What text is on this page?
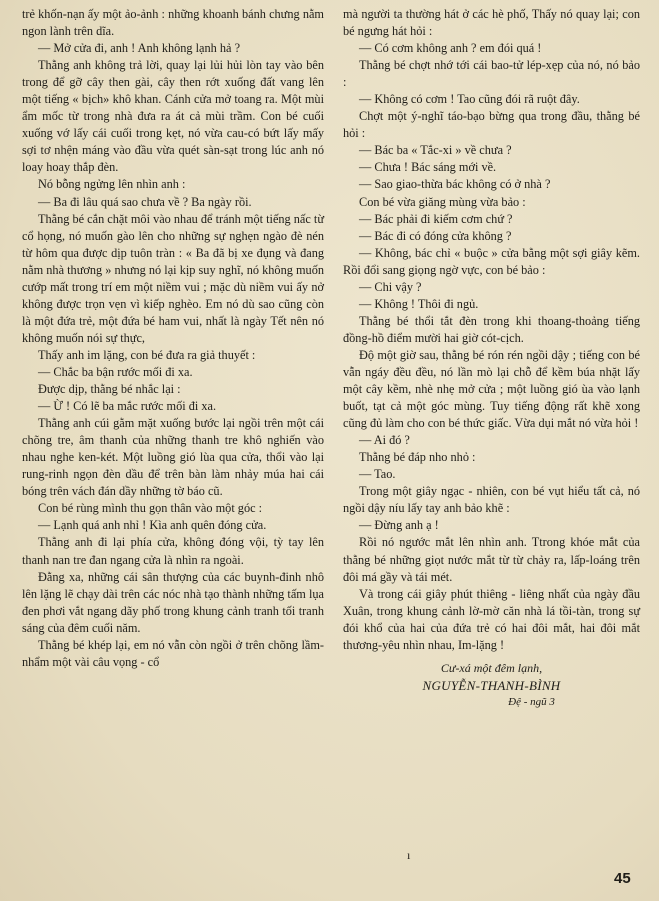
trẻ khốn-nạn ấy một ảo-ảnh : những khoanh bánh chưng nằm ngon lành trên dĩa.

— Mở cửa đi, anh ! Anh không lạnh hả ?

Thằng anh không trả lời, quay lại lủi hủi lòn tay vào bên trong để gỡ cây then gài, cây then rớt xuống đất vang lên một tiếng « bịch» khô khan. Cánh cửa mở toang ra. Một mùi ẩm mốc từ trong nhà đưa ra át cả mùi trầm. Con bé cuối xuống vớ lấy cái cuối trong kẹt, nó vừa cau-có bứt lấy mấy sợi tơ nhện máng vào đầu vừa quét sàn-sạt trong lúc anh nó loay hoay thắp đèn.

Nó bỗng ngửng lên nhìn anh :

— Ba đi lâu quá sao chưa về ? Ba ngày rồi.

Thằng bé cắn chặt môi vào nhau để tránh một tiếng nấc từ cổ họng, nó muốn gào lên cho những sự nghẹn ngào đè nén từ hôm qua được dịp tuôn tràn : « Ba đã bị xe đụng và đang nằm nhà thương » nhưng nó lại kịp suy nghĩ, nó không muốn cướp mất trong trí em một niềm vui ; mặc dù niềm vui ấy nở không được trọn vẹn vì kiếp nghèo. Em nó dù sao cũng còn là một đứa trẻ, một đứa bé ham vui, nhất là ngày Tết nên nó không muốn nói sự thực,

Thấy anh im lặng, con bé đưa ra giả thuyết :

— Chắc ba bận rước mối đi xa.

Được dịp, thằng bé nhắc lại :

— Ừ ! Có lẽ ba mắc rước mối đi xa.

Thằng anh cúi gằm mặt xuống bước lại ngồi trên một cái chõng tre, âm thanh của những thanh tre khô nghiến vào nhau nghe ken-két. Một luồng gió lùa qua cửa, thổi vào lại rung-rinh ngọn đèn dầu để trên bàn làm nhảy múa hai cái bóng trên vách đán dầy những tờ báo cũ.

Con bé rùng mình thu gọn thân vào một góc :

— Lạnh quá anh nhỉ ! Kìa anh quên đóng cửa.

Thằng anh đi lại phía cửa, không đóng vội, tỳ tay lên thanh nan tre đan ngang cửa là nhìn ra ngoài.

Đằng xa, những cái sân thượng của các buynh-đinh nhô lên lặng lẽ chạy dài trên các nóc nhà tạo thành những tấm lụa đen phơi vắt ngang dãy phố trong khung cảnh tranh tối tranh sáng của đêm cuối năm.

Thằng bé khép lại, em nó vẫn còn ngồi ở trên chõng lầm-nhẩm một vài câu vọng - cổ

mà người ta thường hát ở các hè phố, Thấy nó quay lại; con bé ngưng hát hỏi :

— Có cơm không anh ? em đói quá !

Thằng bé chợt nhớ tới cái bao-tử lép-xẹp của nó, nó bảo :

— Không có cơm ! Tao cũng đói rã ruột đây.

Chợt một ý-nghĩ táo-bạo bừng qua trong đầu, thằng bé hỏi :

— Bác ba « Tắc-xi » về chưa ?

— Chưa ! Bác sáng mới về.

— Sao giao-thừa bác không có ở nhà ?

Con bé vừa giăng mùng vừa bảo :

— Bác phải đi kiếm cơm chứ ?

— Bác đi có đóng cửa không ?

— Không, bác chỉ « buộc » cửa bằng một sợi giây kẽm. Rồi đổi sang giọng ngờ vực, con bé bảo :

— Chi vậy ?

— Không ! Thôi đi ngủ.

Thằng bé thổi tắt đèn trong khi thoang-thoảng tiếng đồng-hồ điểm mười hai giờ cót-cịch.

Độ một giờ sau, thằng bé rón rén ngồi dậy ; tiếng con bé vẫn ngáy đều đều, nó lần mò lại chỗ để kềm búa nhặt lấy một cây kềm, nhè nhẹ mở cửa ; một luồng gió ùa vào lạnh buốt, tạt cả một góc mùng. Tuy tiếng động rất khẽ xong cũng đủ làm cho con bé thức giấc. Vừa dụi mắt nó vừa hỏi !

— Ai đó ?

Thằng bé đáp nho nhỏ :

— Tao.

Trong một giây ngạc - nhiên, con bé vụt hiểu tất cả, nó ngồi dậy níu lấy tay anh bảo khẽ :

— Đừng anh ạ !

Rồi nó ngước mắt lên nhìn anh. Ttrong khóe mắt của thằng bé những giọt nước mắt từ từ chảy ra, lấp-loáng trên đôi má gầy và tái mét.

Và trong cái giây phút thiêng - liêng nhất của ngày đầu Xuân, trong khung cảnh lờ-mờ căn nhà lá tồi-tàn, trong sự đói khổ của hai của đứa trẻ có hai đôi mắt, hai đôi mắt thương-yêu nhìn nhau, Im-lặng !

Cư-xá một đêm lạnh,
NGUYỄN-THANH-BÌNH
Đệ - ngũ 3
ı
45
